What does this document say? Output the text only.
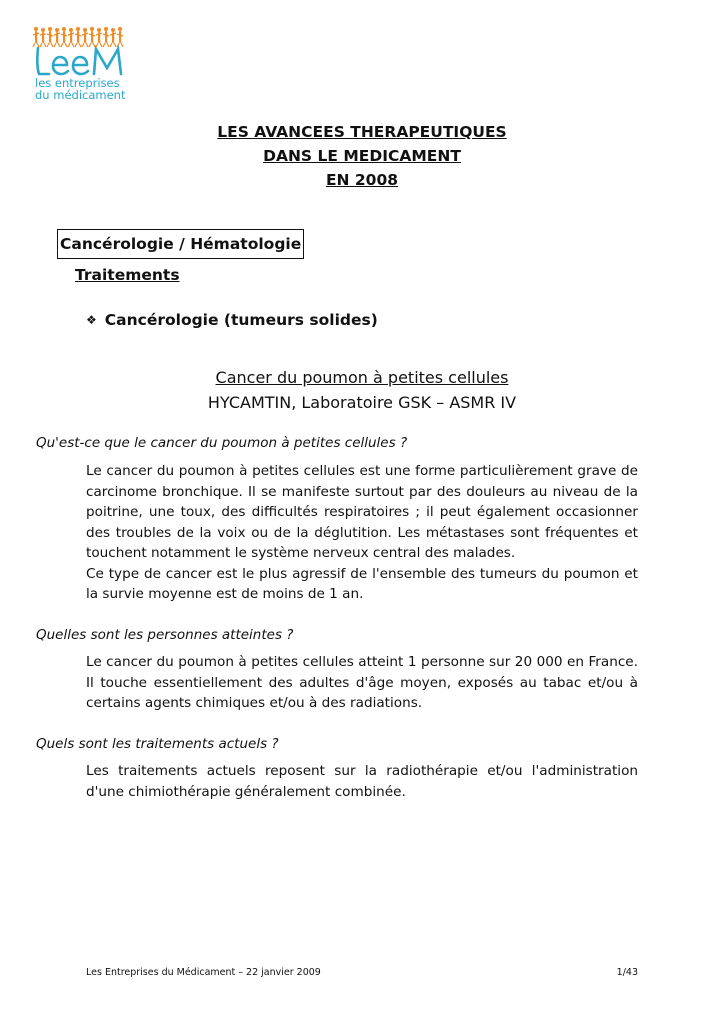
les entreprises
du médicament
LES AVANCEES THERAPEUTIQUES
DANS LE MEDICAMENT
EN 2008
Cancérologie / Hématologie
Traitements
❖ Cancérologie (tumeurs solides)
Cancer du poumon à petites cellules
HYCAMTIN, Laboratoire GSK – ASMR IV
Qu'est-ce que le cancer du poumon à petites cellules ?

Le cancer du poumon à petites cellules est une forme particulièrement grave de carcinome bronchique. Il se manifeste surtout par des douleurs au niveau de la poitrine, une toux, des difficultés respiratoires ; il peut également occasionner des troubles de la voix ou de la déglutition. Les métastases sont fréquentes et touchent notamment le système nerveux central des malades.

Ce type de cancer est le plus agressif de l'ensemble des tumeurs du poumon et la survie moyenne est de moins de 1 an.

Quelles sont les personnes atteintes ?

Le cancer du poumon à petites cellules atteint 1 personne sur 20 000 en France. Il touche essentiellement des adultes d'âge moyen, exposés au tabac et/ou à certains agents chimiques et/ou à des radiations.

Quels sont les traitements actuels ?

Les traitements actuels reposent sur la radiothérapie et/ou l'administration d'une chimiothérapie généralement combinée.

Les Entreprises du Médicament – 22 janvier 2009	1/43
